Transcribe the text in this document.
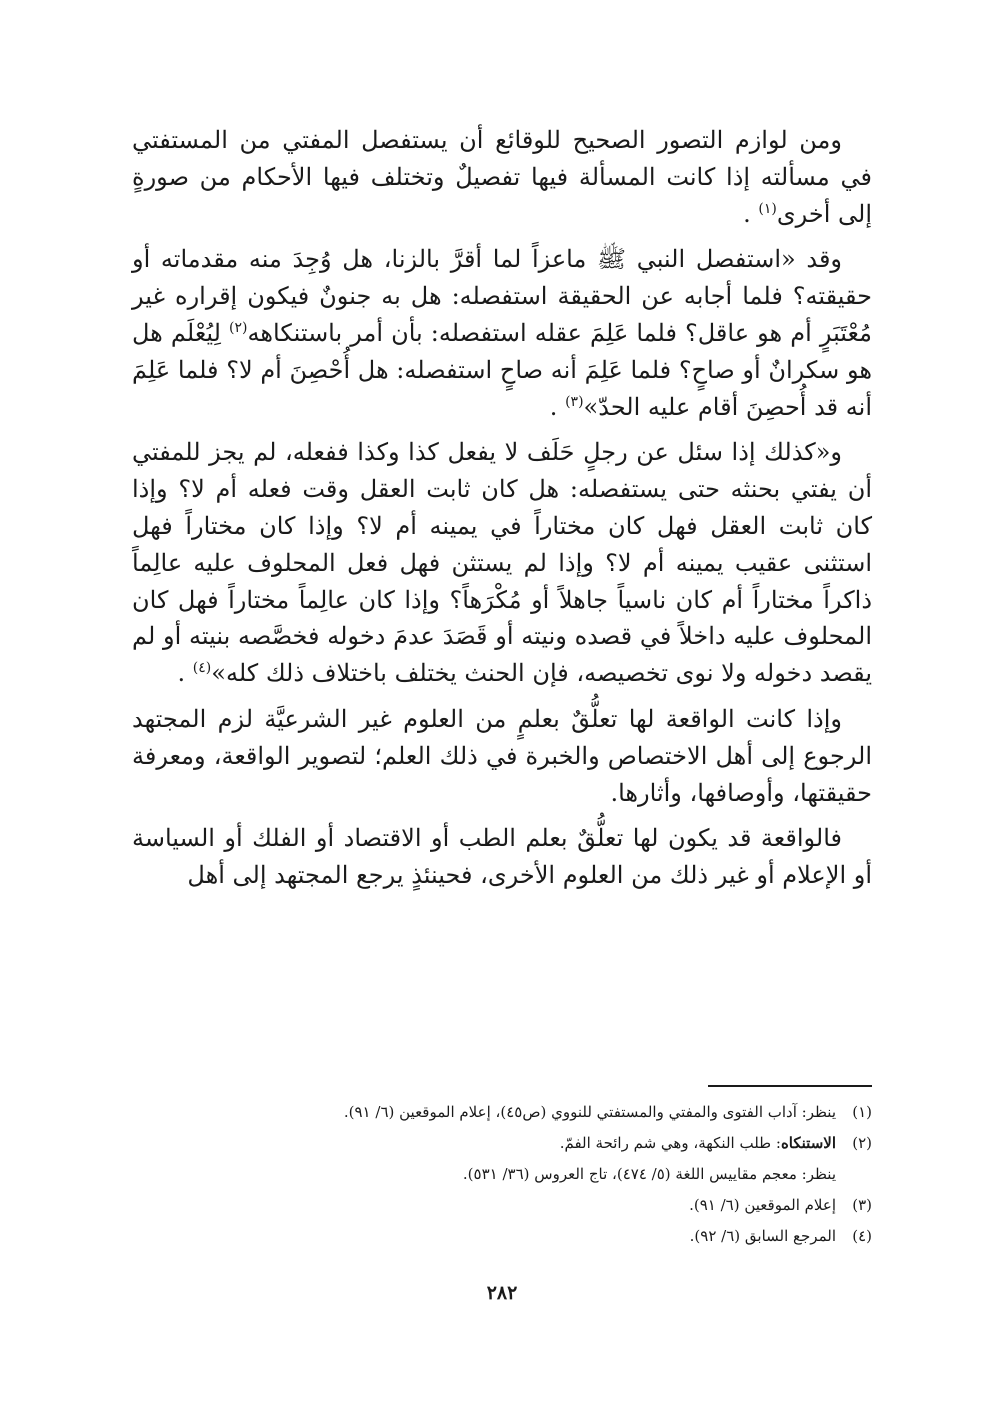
ومن لوازم التصور الصحيح للوقائع أن يستفصل المفتي من المستفتي في مسألته إذا كانت المسألة فيها تفصيلٌ وتختلف فيها الأحكام من صورةٍ إلى أخرى$^{(١)}$ .

وقد «استفصل النبي ﷺ ماعزاً لما أقرَّ بالزنا، هل وُجِدَ منه مقدماته أو حقيقته؟ فلما أجابه عن الحقيقة استفصله: هل به جنونٌ فيكون إقراره غير مُعْتَبَرٍ أم هو عاقل؟ فلما عَلِمَ عقله استفصله: بأن أمر باستنكاهه$^{(٢)}$ لِيُعْلَم هل هو سكرانٌ أو صاحٍ؟ فلما عَلِمَ أنه صاحٍ استفصله: هل أُحْصِنَ أم لا؟ فلما عَلِمَ أنه قد أُحصِنَ أقام عليه الحدّ»$^{(٣)}$ .

و«كذلك إذا سئل عن رجلٍ حَلَف لا يفعل كذا وكذا ففعله، لم يجز للمفتي أن يفتي بحنثه حتى يستفصله: هل كان ثابت العقل وقت فعله أم لا؟ وإذا كان ثابت العقل فهل كان مختاراً في يمينه أم لا؟ وإذا كان مختاراً فهل استثنى عقيب يمينه أم لا؟ وإذا لم يستثن فهل فعل المحلوف عليه عالِماً ذاكراً مختاراً أم كان ناسياً جاهلاً أو مُكْرَهاً؟ وإذا كان عالِماً مختاراً فهل كان المحلوف عليه داخلاً في قصده ونيته أو قَصَدَ عدمَ دخوله فخصَّصه بنيته أو لم يقصد دخوله ولا نوى تخصيصه، فإن الحنث يختلف باختلاف ذلك كله»$^{(٤)}$ .

وإذا كانت الواقعة لها تعلُّقٌ بعلمٍ من العلوم غير الشرعيَّة لزم المجتهد الرجوع إلى أهل الاختصاص والخبرة في ذلك العلم؛ لتصوير الواقعة، ومعرفة حقيقتها، وأوصافها، وأثارها.

فالواقعة قد يكون لها تعلُّقٌ بعلم الطب أو الاقتصاد أو الفلك أو السياسة أو الإعلام أو غير ذلك من العلوم الأخرى، فحينئذٍ يرجع المجتهد إلى أهل

(١)
ينظر: آداب الفتوى والمفتي والمستفتي للنووي (ص٤٥)، إعلام الموقعين (٦/ ٩١).
(٢)
الاستنكاه: طلب النكهة، وهي شم رائحة الفمّ.
ينظر: معجم مقاييس اللغة (٥/ ٤٧٤)، تاج العروس (٣٦/ ٥٣١).
(٣)
إعلام الموقعين (٦/ ٩١).
(٤)
المرجع السابق (٦/ ٩٢).
٢٨٢
